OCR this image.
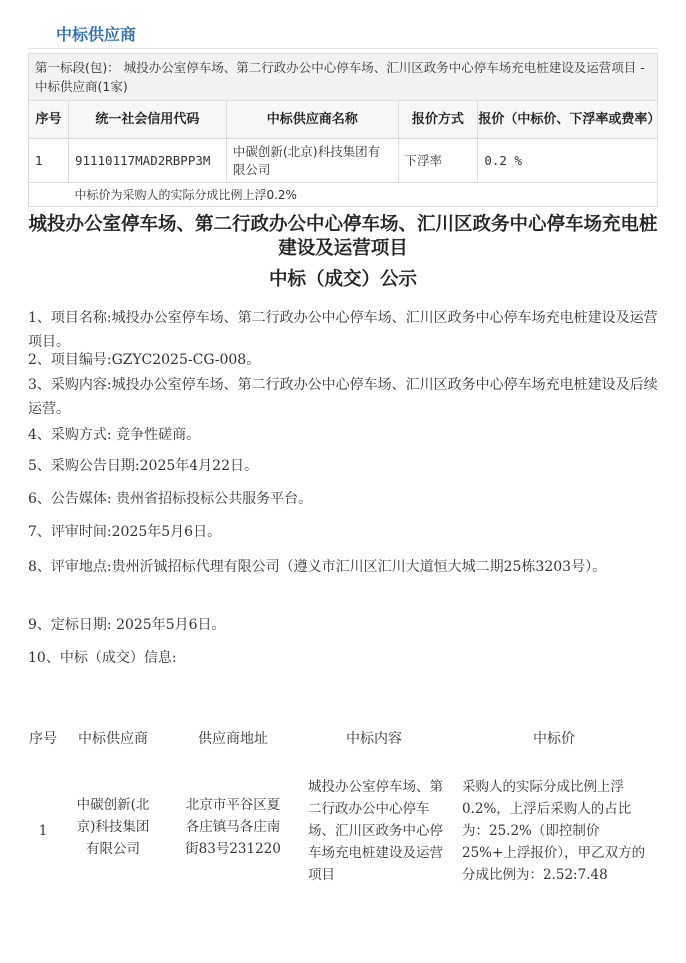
中标供应商
第一标段(包)： 城投办公室停车场、第二行政办公中心停车场、汇川区政务中心停车场充电桩建设及运营项目 -中标供应商(1家)				
序号	统一社会信用代码	中标供应商名称	报价方式	报价（中标价、下浮率或费率）
1	91110117MAD2RBPP3M	中碳创新(北京)科技集团有限公司	下浮率	0.2 %
	中标价为采购人的实际分成比例上浮0.2%			
城投办公室停车场、第二行政办公中心停车场、汇川区政务中心停车场充电桩建设及运营项目
中标（成交）公示
1、项目名称:城投办公室停车场、第二行政办公中心停车场、汇川区政务中心停车场充电桩建设及运营项目。
2、项目编号:GZYC2025-CG-008。
3、采购内容:城投办公室停车场、第二行政办公中心停车场、汇川区政务中心停车场充电桩建设及后续运营。
4、采购方式: 竞争性磋商。
5、采购公告日期:2025年4月22日。
6、公告媒体: 贵州省招标投标公共服务平台。
7、评审时间:2025年5月6日。
8、评审地点:贵州沂铖招标代理有限公司（遵义市汇川区汇川大道恒大城二期25栋3203号）。
9、定标日期: 2025年5月6日。
10、中标（成交）信息:
序号	中标供应商	供应商地址	中标内容	中标价
1	中碳创新(北京)科技集团有限公司	北京市平谷区夏各庄镇马各庄南街83号231220	城投办公室停车场、第二行政办公中心停车场、汇川区政务中心停车场充电桩建设及运营项目	采购人的实际分成比例上浮0.2%，上浮后采购人的占比为：25.2%（即控制价25%+上浮报价），甲乙双方的分成比例为：2.52:7.48
